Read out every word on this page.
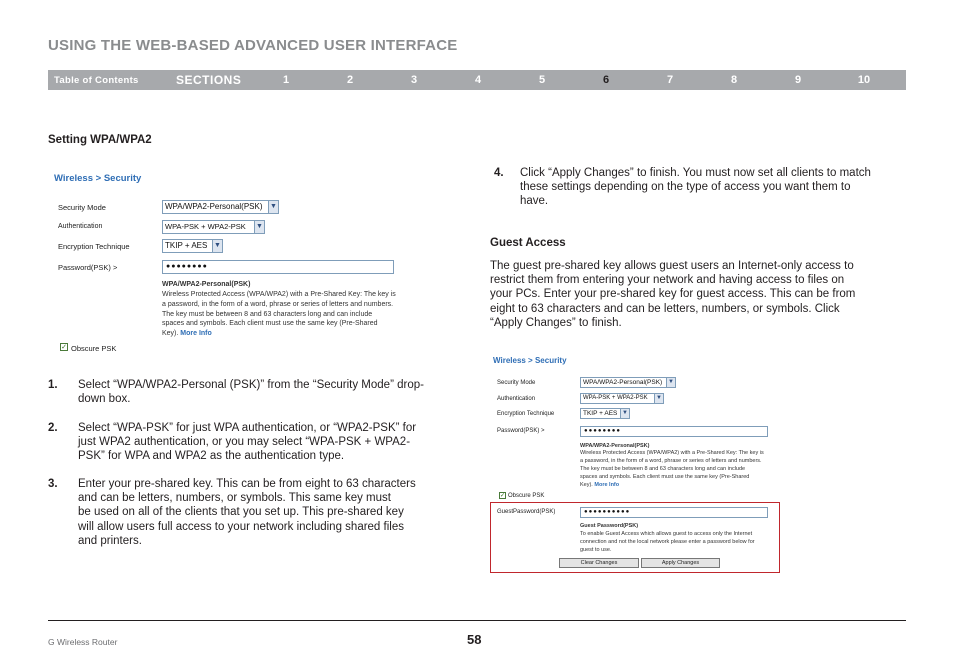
USING THE WEB-BASED ADVANCED USER INTERFACE
Table of Contents	SECTIONS	1	2	3	4	5	6	7	8	9	10
Setting WPA/WPA2
Wireless > Security
Security Mode	WPA/WPA2-Personal(PSK) ▼
Authentication	WPA-PSK + WPA2-PSK ▼
Encryption Technique	TKIP + AES ▼
Password(PSK) >	●●●●●●●●
WPA/WPA2-Personal(PSK)
Wireless Protected Access (WPA/WPA2) with a Pre-Shared Key: The key is
a password, in the form of a word, phrase or series of letters and numbers.
The key must be between 8 and 63 characters long and can include
spaces and symbols. Each client must use the same key (Pre-Shared
Key). More Info
✓ Obscure PSK
1. Select “WPA/WPA2-Personal (PSK)” from the “Security Mode” drop-
down box.
2. Select “WPA-PSK” for just WPA authentication, or “WPA2-PSK” for
just WPA2 authentication, or you may select “WPA-PSK + WPA2-
PSK” for WPA and WPA2 as the authentication type.
3. Enter your pre-shared key. This can be from eight to 63 characters
and can be letters, numbers, or symbols. This same key must
be used on all of the clients that you set up. This pre-shared key
will allow users full access to your network including shared files
and printers.
4. Click “Apply Changes” to finish. You must now set all clients to match
these settings depending on the type of access you want them to
have.
Guest Access
The guest pre-shared key allows guest users an Internet-only access to
restrict them from entering your network and having access to files on
your PCs. Enter your pre-shared key for guest access. This can be from
eight to 63 characters and can be letters, numbers, or symbols. Click
“Apply Changes” to finish.
Wireless > Security
Security Mode	WPA/WPA2-Personal(PSK) ▼
Authentication	WPA-PSK + WPA2-PSK	▼
Encryption Technique	TKIP + AES ▼
Password(PSK) >	●●●●●●●●
WPA/WPA2-Personal(PSK)
Wireless Protected Access (WPA/WPA2) with a Pre-Shared Key: The key is
a password, in the form of a word, phrase or series of letters and numbers.
The key must be between 8 and 63 characters long and can include
spaces and symbols. Each client must use the same key (Pre-Shared
Key). More Info
✓ Obscure PSK
GuestPassword(PSK)	●●●●●●●●●●
Guest Password(PSK)
To enable Guest Access which allows guest to access only the Internet
connection and not the local network please enter a password below for
guest to use.
Clear Changes	Apply Changes
G Wireless Router	58
